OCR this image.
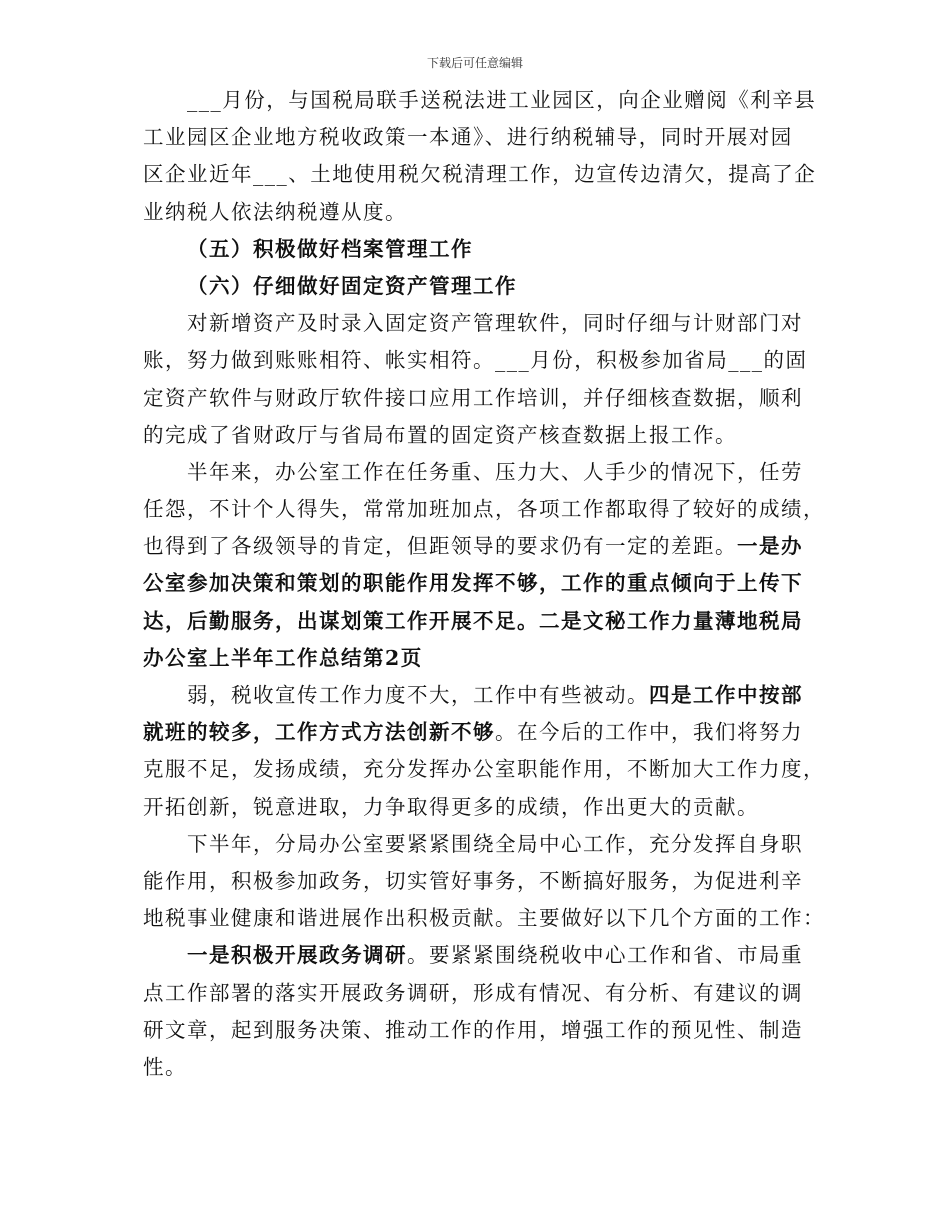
下载后可任意编辑
___月份，与国税局联手送税法进工业园区，向企业赠阅《利辛县
工业园区企业地方税收政策一本通》、进行纳税辅导，同时开展对园
区企业近年___、土地使用税欠税清理工作，边宣传边清欠，提高了企
业纳税人依法纳税遵从度。
（五）积极做好档案管理工作
（六）仔细做好固定资产管理工作
对新增资产及时录入固定资产管理软件，同时仔细与计财部门对
账，努力做到账账相符、帐实相符。___月份，积极参加省局___的固
定资产软件与财政厅软件接口应用工作培训，并仔细核查数据，顺利
的完成了省财政厅与省局布置的固定资产核查数据上报工作。
半年来，办公室工作在任务重、压力大、人手少的情况下，任劳
任怨，不计个人得失，常常加班加点，各项工作都取得了较好的成绩，
也得到了各级领导的肯定，但距领导的要求仍有一定的差距。一是办
公室参加决策和策划的职能作用发挥不够，工作的重点倾向于上传下
达，后勤服务，出谋划策工作开展不足。二是文秘工作力量薄地税局
办公室上半年工作总结第2页
弱，税收宣传工作力度不大，工作中有些被动。四是工作中按部
就班的较多，工作方式方法创新不够。在今后的工作中，我们将努力
克服不足，发扬成绩，充分发挥办公室职能作用，不断加大工作力度，
开拓创新，锐意进取，力争取得更多的成绩，作出更大的贡献。
下半年，分局办公室要紧紧围绕全局中心工作，充分发挥自身职
能作用，积极参加政务，切实管好事务，不断搞好服务，为促进利辛
地税事业健康和谐进展作出积极贡献。主要做好以下几个方面的工作：
一是积极开展政务调研。要紧紧围绕税收中心工作和省、市局重
点工作部署的落实开展政务调研，形成有情况、有分析、有建议的调
研文章，起到服务决策、推动工作的作用，增强工作的预见性、制造
性。
